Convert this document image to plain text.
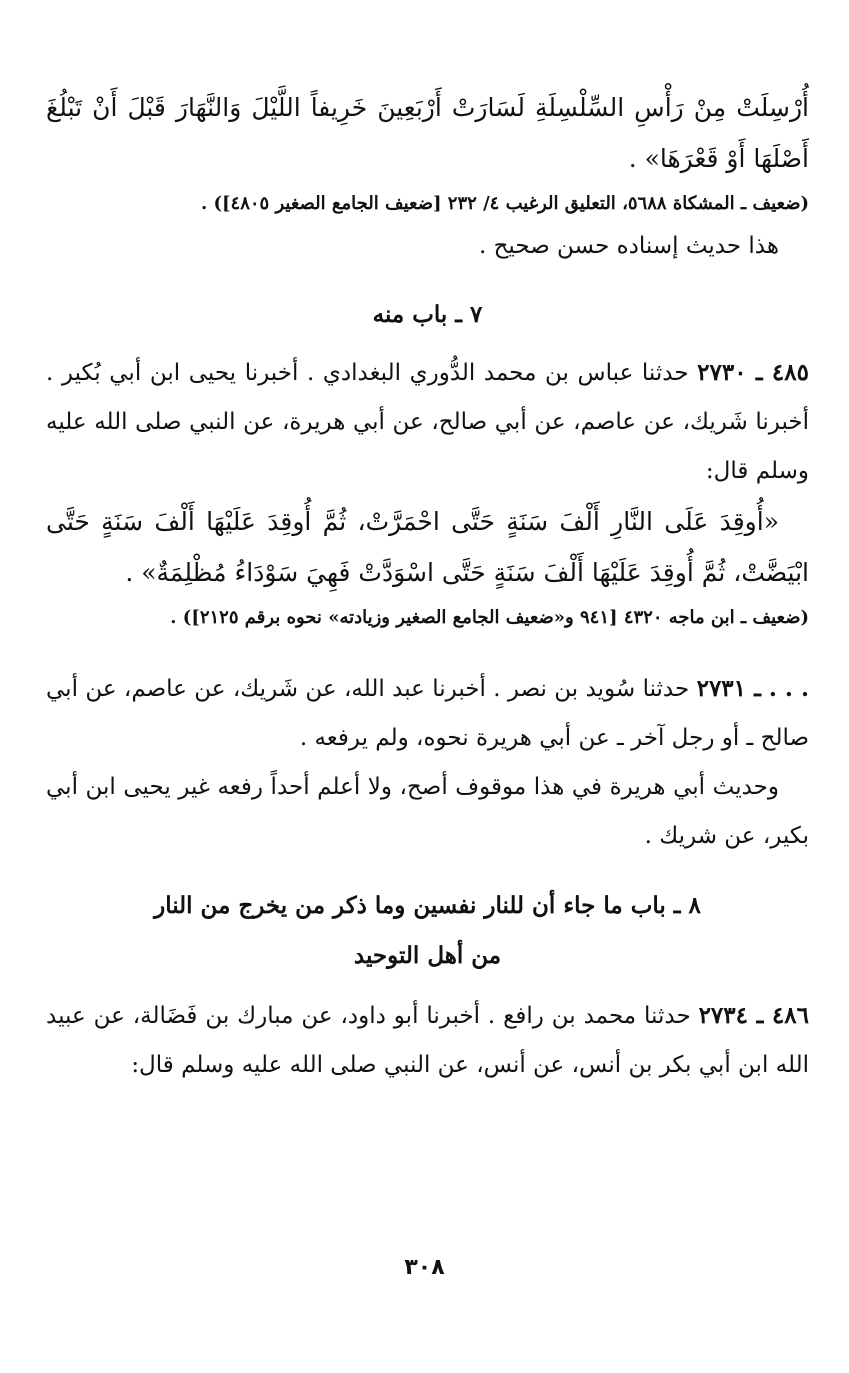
أُرْسِلَتْ مِنْ رَأْسِ السِّلْسِلَةِ لَسَارَتْ أَرْبَعِينَ خَرِيفاً اللَّيْلَ وَالنَّهَارَ قَبْلَ أَنْ تَبْلُغَ أَصْلَهَا أَوْ قَعْرَهَا» .

(ضعيف ـ المشكاة ٥٦٨٨، التعليق الرغيب ٤/ ٢٣٢ [ضعيف الجامع الصغير ٤٨٠٥]) .

هذا حديث إسناده حسن صحيح .

٧ ـ باب منه

٤٨٥ ـ ٢٧٣٠ حدثنا عباس بن محمد الدُّوري البغدادي . أخبرنا يحيى ابن أبي بُكير . أخبرنا شَريك، عن عاصم، عن أبي صالح، عن أبي هريرة، عن النبي صلى الله عليه وسلم قال:

«أُوقِدَ عَلَى النَّارِ أَلْفَ سَنَةٍ حَتَّى احْمَرَّتْ، ثُمَّ أُوقِدَ عَلَيْهَا أَلْفَ سَنَةٍ حَتَّى ابْيَضَّتْ، ثُمَّ أُوقِدَ عَلَيْهَا أَلْفَ سَنَةٍ حَتَّى اسْوَدَّتْ فَهِيَ سَوْدَاءُ مُظْلِمَةٌ» .

(ضعيف ـ ابن ماجه ٤٣٢٠ [٩٤١ و«ضعيف الجامع الصغير وزيادته» نحوه برقم ٢١٢٥]) .

. . . ـ ٢٧٣١ حدثنا سُويد بن نصر . أخبرنا عبد الله، عن شَريك، عن عاصم، عن أبي صالح ـ أو رجل آخر ـ عن أبي هريرة نحوه، ولم يرفعه .

وحديث أبي هريرة في هذا موقوف أصح، ولا أعلم أحداً رفعه غير يحيى ابن أبي بكير، عن شريك .

٨ ـ باب ما جاء أن للنار نفسين وما ذكر من يخرج من النار
من أهل التوحيد

٤٨٦ ـ ٢٧٣٤ حدثنا محمد بن رافع . أخبرنا أبو داود، عن مبارك بن فَضَالة، عن عبيد الله ابن أبي بكر بن أنس، عن أنس، عن النبي صلى الله عليه وسلم قال:

٣٠٨
